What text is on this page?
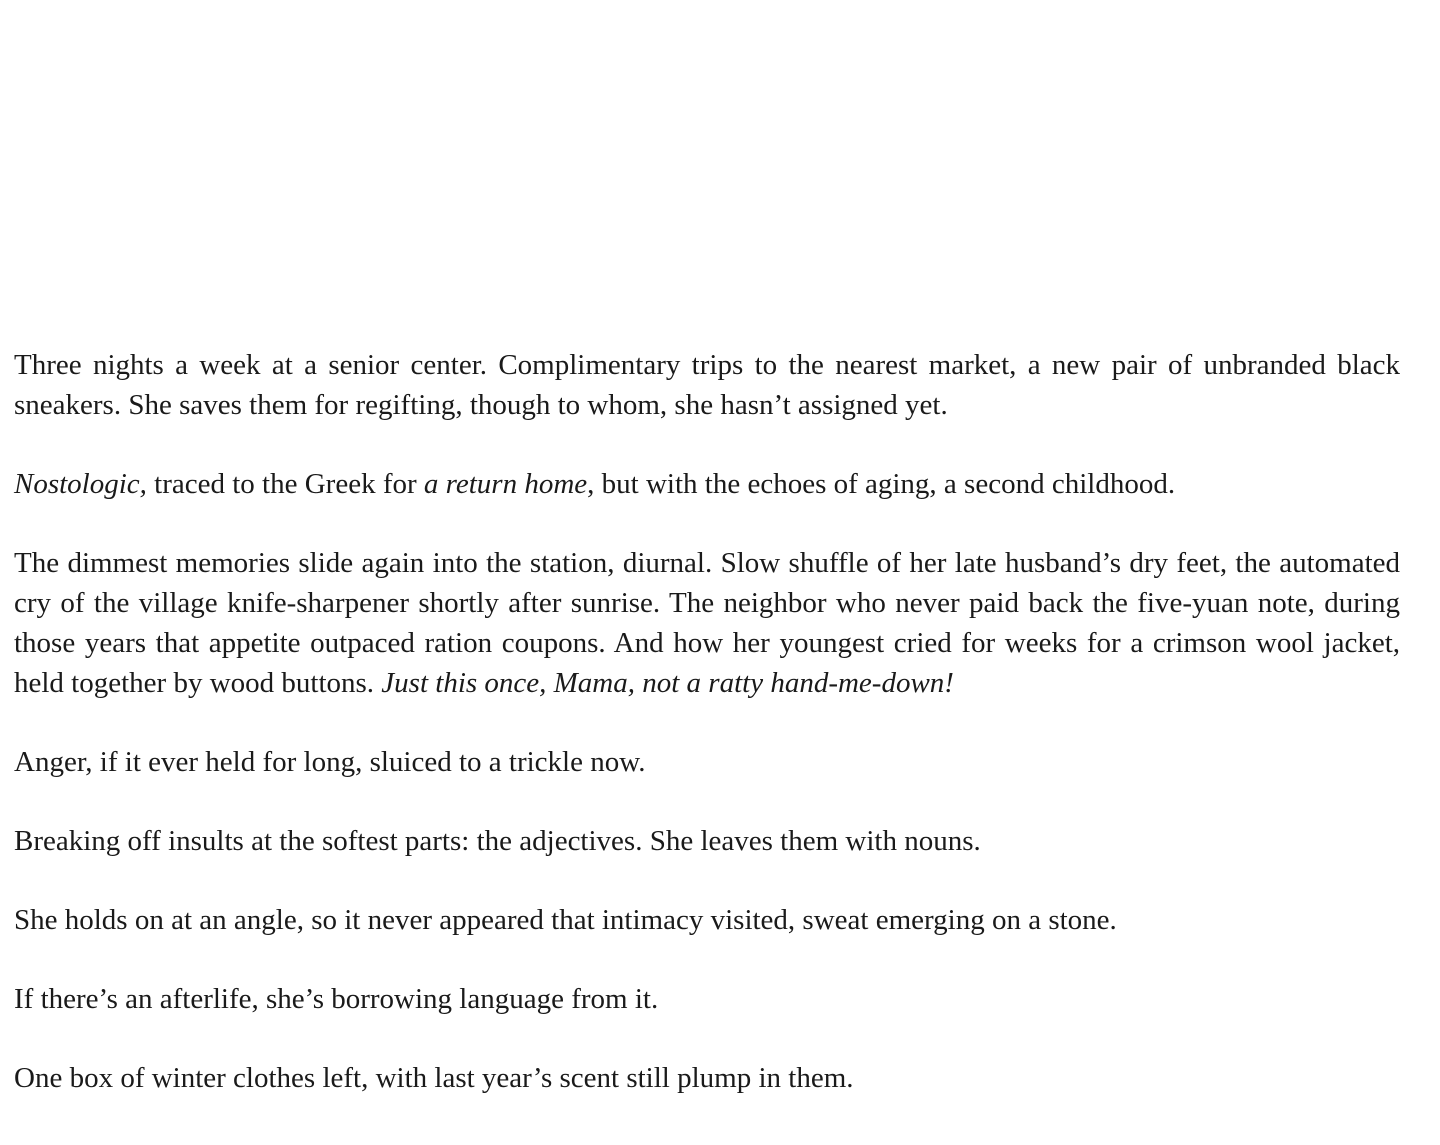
Three nights a week at a senior center. Complimentary trips to the nearest market, a new pair of unbranded black sneakers. She saves them for regifting, though to whom, she hasn’t assigned yet.

Nostologic, traced to the Greek for a return home, but with the echoes of aging, a second childhood.

The dimmest memories slide again into the station, diurnal. Slow shuffle of her late husband’s dry feet, the automated cry of the village knife-sharpener shortly after sunrise. The neighbor who never paid back the five-yuan note, during those years that appetite outpaced ration coupons. And how her youngest cried for weeks for a crimson wool jacket, held together by wood buttons. Just this once, Mama, not a ratty hand-me-down!

Anger, if it ever held for long, sluiced to a trickle now.

Breaking off insults at the softest parts: the adjectives. She leaves them with nouns.

She holds on at an angle, so it never appeared that intimacy visited, sweat emerging on a stone.

If there’s an afterlife, she’s borrowing language from it.

One box of winter clothes left, with last year’s scent still plump in them.
